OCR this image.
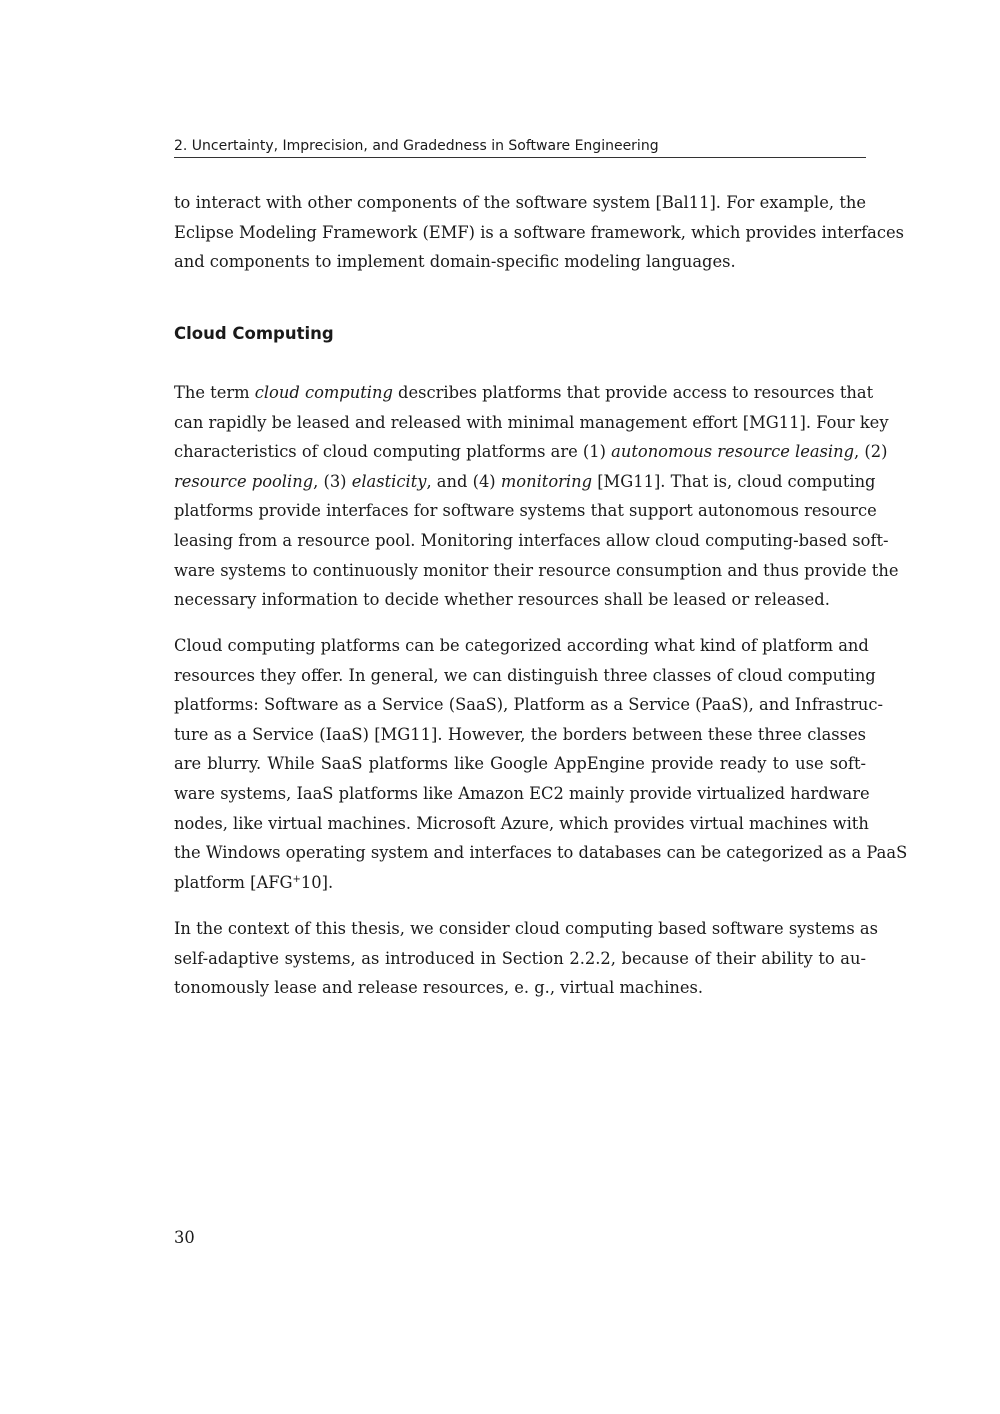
2. Uncertainty, Imprecision, and Gradedness in Software Engineering
to interact with other components of the software system [Bal11]. For example, the
Eclipse Modeling Framework (EMF) is a software framework, which provides interfaces
and components to implement domain-specific modeling languages.
Cloud Computing
The term cloud computing describes platforms that provide access to resources that
can rapidly be leased and released with minimal management effort [MG11]. Four key
characteristics of cloud computing platforms are (1) autonomous resource leasing, (2)
resource pooling, (3) elasticity, and (4) monitoring [MG11]. That is, cloud computing
platforms provide interfaces for software systems that support autonomous resource
leasing from a resource pool. Monitoring interfaces allow cloud computing-based soft-
ware systems to continuously monitor their resource consumption and thus provide the
necessary information to decide whether resources shall be leased or released.
Cloud computing platforms can be categorized according what kind of platform and
resources they offer. In general, we can distinguish three classes of cloud computing
platforms: Software as a Service (SaaS), Platform as a Service (PaaS), and Infrastruc-
ture as a Service (IaaS) [MG11]. However, the borders between these three classes
are blurry. While SaaS platforms like Google AppEngine provide ready to use soft-
ware systems, IaaS platforms like Amazon EC2 mainly provide virtualized hardware
nodes, like virtual machines. Microsoft Azure, which provides virtual machines with
the Windows operating system and interfaces to databases can be categorized as a PaaS
platform [AFG+10].
In the context of this thesis, we consider cloud computing based software systems as
self-adaptive systems, as introduced in Section 2.2.2, because of their ability to au-
tonomously lease and release resources, e. g., virtual machines.
30
